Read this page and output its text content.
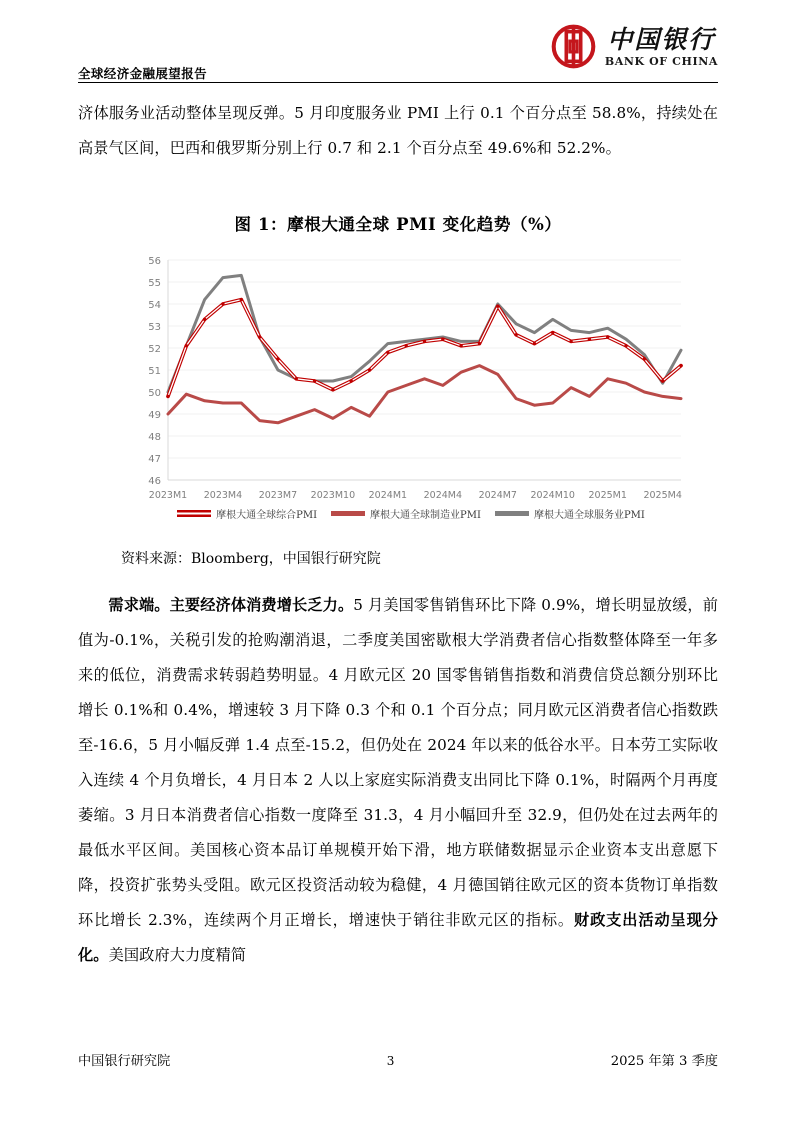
全球经济金融展望报告
中国银行
BANK OF CHINA
济体服务业活动整体呈现反弹。5 月印度服务业 PMI 上行 0.1 个百分点至 58.8%，持续处在高景气区间，巴西和俄罗斯分别上行 0.7 和 2.1 个百分点至 49.6%和 52.2%。
图 1：摩根大通全球 PMI 变化趋势（%）
46
47
48
49
50
51
52
53
54
55
56
2023M1 2023M4 2023M7 2023M10 2024M1 2024M4 2024M7 2024M10 2025M1 2025M4
摩根大通全球综合PMI	摩根大通全球制造业PMI	摩根大通全球服务业PMI
资料来源：Bloomberg，中国银行研究院
需求端。主要经济体消费增长乏力。5 月美国零售销售环比下降 0.9%，增长明显放缓，前值为-0.1%，关税引发的抢购潮消退，二季度美国密歇根大学消费者信心指数整体降至一年多来的低位，消费需求转弱趋势明显。4 月欧元区 20 国零售销售指数和消费信贷总额分别环比增长 0.1%和 0.4%，增速较 3 月下降 0.3 个和 0.1 个百分点；同月欧元区消费者信心指数跌至-16.6，5 月小幅反弹 1.4 点至-15.2，但仍处在 2024 年以来的低谷水平。日本劳工实际收入连续 4 个月负增长，4 月日本 2 人以上家庭实际消费支出同比下降 0.1%，时隔两个月再度萎缩。3 月日本消费者信心指数一度降至 31.3，4 月小幅回升至 32.9，但仍处在过去两年的最低水平区间。美国核心资本品订单规模开始下滑，地方联储数据显示企业资本支出意愿下降，投资扩张势头受阻。欧元区投资活动较为稳健，4 月德国销往欧元区的资本货物订单指数环比增长 2.3%，连续两个月正增长，增速快于销往非欧元区的指标。财政支出活动呈现分化。美国政府大力度精简
中国银行研究院	3	2025 年第 3 季度
